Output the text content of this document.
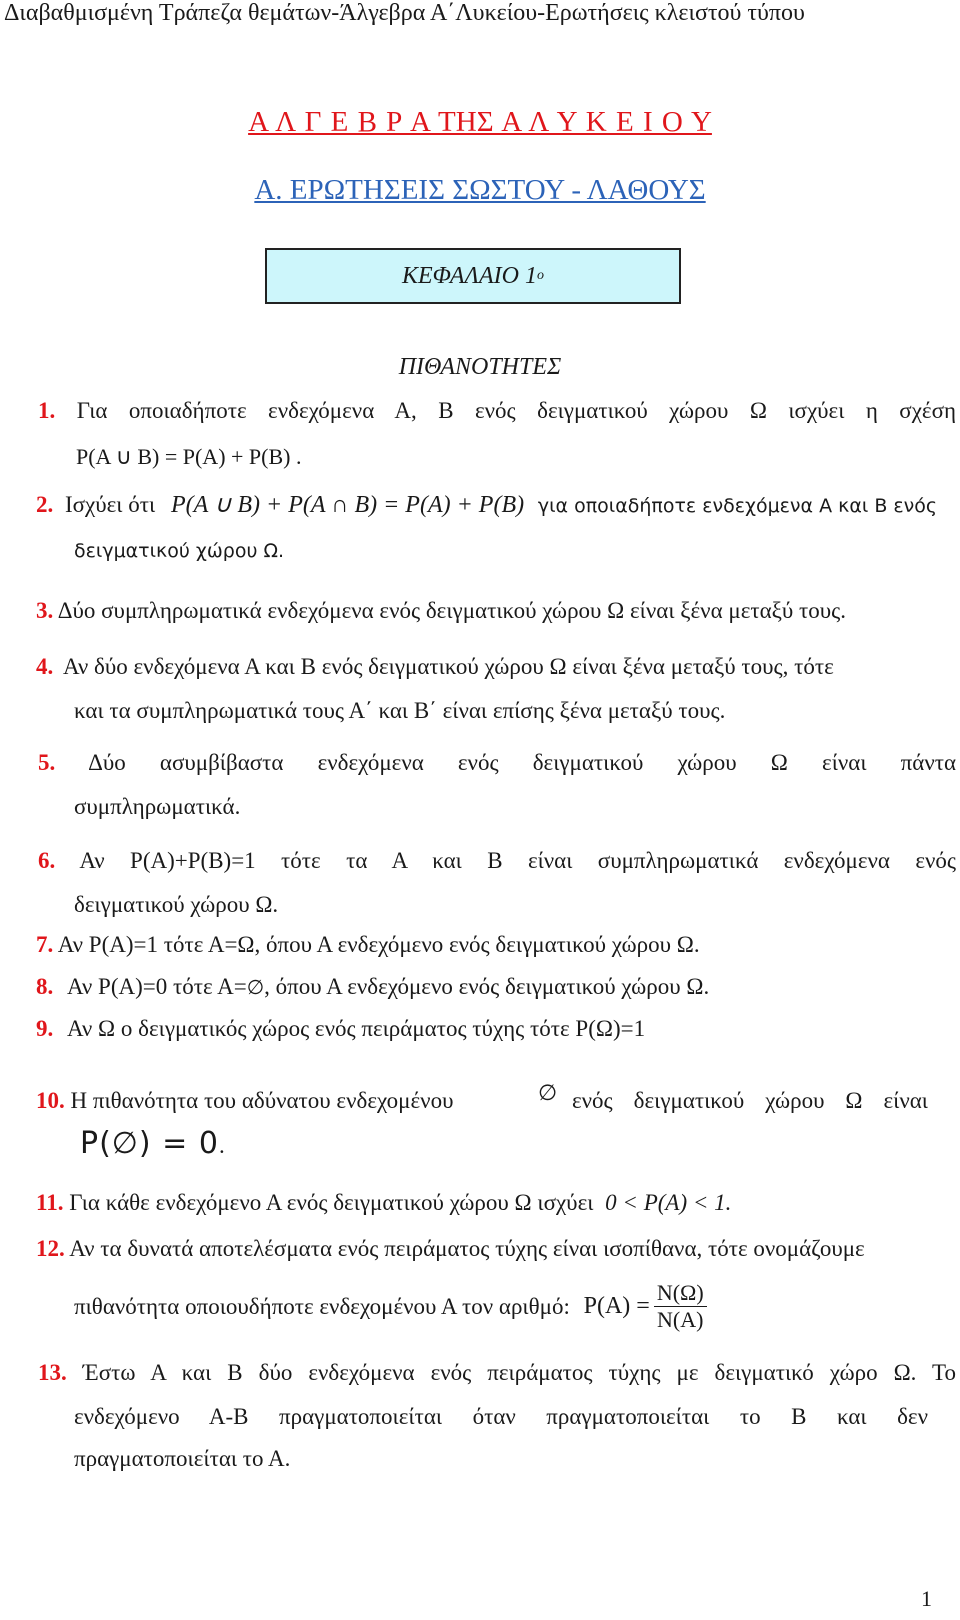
Διαβαθμισμένη Τράπεζα θεμάτων-Άλγεβρα Α΄Λυκείου-Ερωτήσεις κλειστού τύπου
Α Λ Γ Ε Β Ρ Α ΤΗΣ Α Λ Υ Κ Ε Ι Ο Υ
Α. ΕΡΩΤΗΣΕΙΣ ΣΩΣΤΟΥ - ΛΑΘΟΥΣ
ΚΕΦΑΛΑΙΟ 1 ο
ΠΙΘΑΝΟΤΗΤΕΣ
1. Για οποιαδήποτε ενδεχόμενα Α, Β ενός δειγματικού χώρου Ω ισχύει η σχέση
P(A ∪ B) = P(A) + P(B) .
2. Ισχύει ότι P(A ∪ B) + P(A ∩ B) = P(A) + P(B) για οποιαδήποτε ενδεχόμενα Α και Β ενός
δειγματικού χώρου Ω.
3. Δύο συμπληρωματικά ενδεχόμενα ενός δειγματικού χώρου Ω είναι ξένα μεταξύ τους.
4. Αν δύο ενδεχόμενα Α και Β ενός δειγματικού χώρου Ω είναι ξένα μεταξύ τους, τότε
και τα συμπληρωματικά τους Α΄ και Β΄ είναι επίσης ξένα μεταξύ τους.
5. Δύο ασυμβίβαστα ενδεχόμενα ενός δειγματικού χώρου Ω είναι πάντα
συμπληρωματικά.
6. Αν Ρ(Α)+Ρ(Β)=1 τότε τα Α και Β είναι συμπληρωματικά ενδεχόμενα ενός
δειγματικού χώρου Ω.
7. Αν Ρ(Α)=1 τότε Α=Ω, όπου Α ενδεχόμενο ενός δειγματικού χώρου Ω.
8. Αν Ρ(Α)=0 τότε Α=∅, όπου Α ενδεχόμενο ενός δειγματικού χώρου Ω.
9. Αν Ω ο δειγματικός χώρος ενός πειράματος τύχης τότε Ρ(Ω)=1
10. Η πιθανότητα του αδύνατου ενδεχομένου	∅ ενός δειγματικού χώρου Ω είναι
P(∅) = 0.
11. Για κάθε ενδεχόμενο Α ενός δειγματικού χώρου Ω ισχύει 0 < P(A) < 1.
12. Αν τα δυνατά αποτελέσματα ενός πειράματος τύχης είναι ισοπίθανα, τότε ονομάζουμε
πιθανότητα οποιουδήποτε ενδεχομένου Α τον αριθμό: $P(A) = \frac{N(\Omega)}{N(A)}$
13. Έστω Α και Β δύο ενδεχόμενα ενός πειράματος τύχης με δειγματικό χώρο Ω. Το
ενδεχόμενο Α-Β πραγματοποιείται όταν πραγματοποιείται το Β και δεν
πραγματοποιείται το Α.
1
